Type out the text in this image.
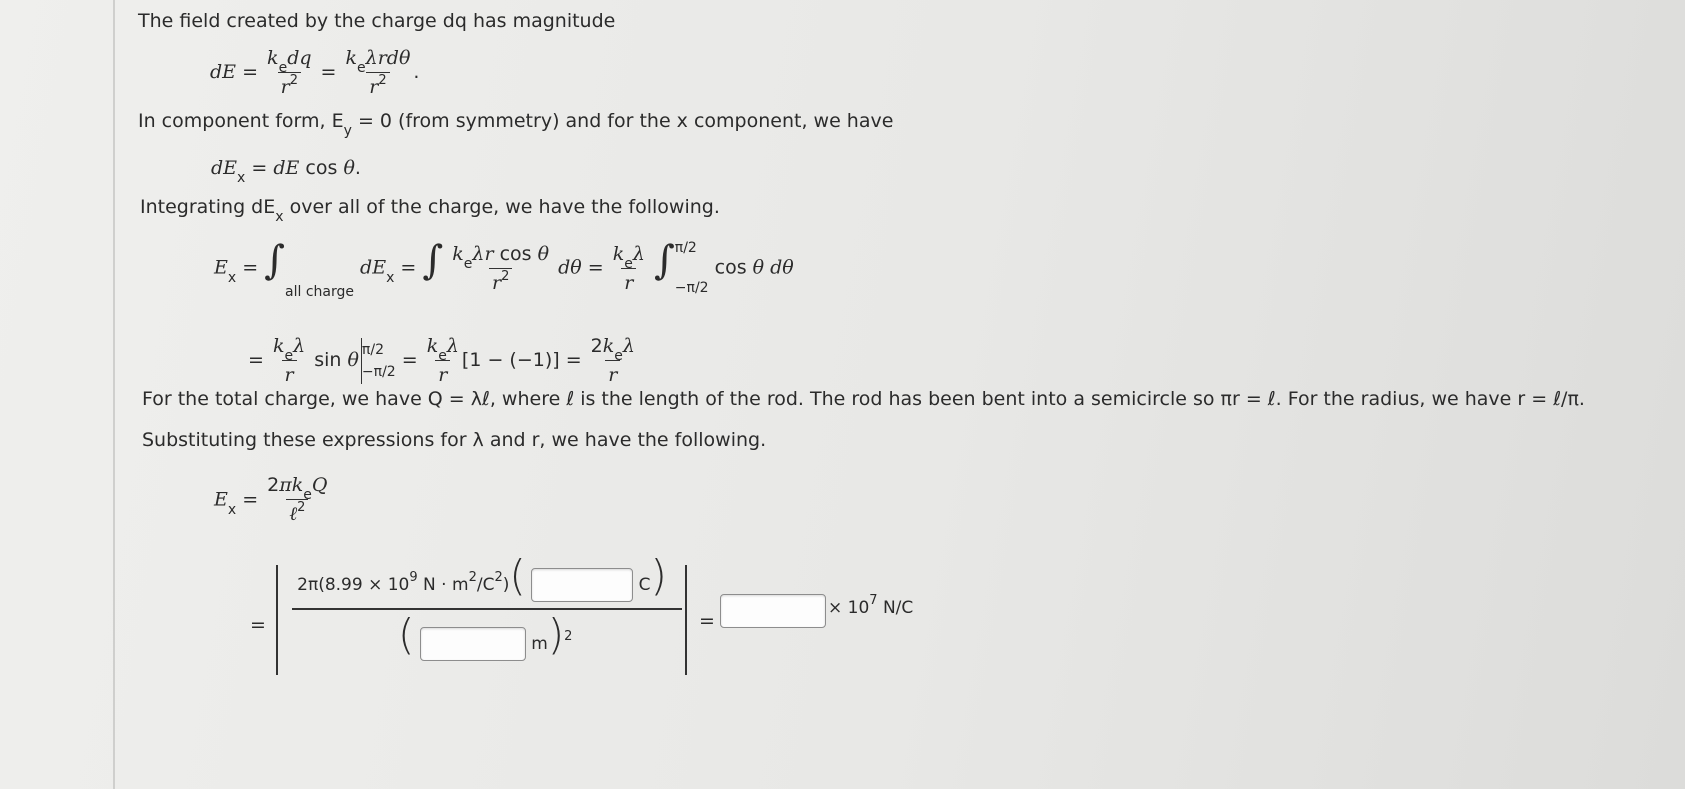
The field created by the charge dq has magnitude
dE = $\frac{k_edq}{r^2} = \frac{k_e\lambda rd\theta}{r^2}$ .
In component form, $E_y = 0$ (from symmetry) and for the x component, we have
$dE_x$ = dE cos θ.
Integrating $dE_x$ over all of the charge, we have the following.
$E_x = \int_{all charge}$ $dE_x$ = ∫ $\frac{k_e\lambda r \cos \theta}{r^2}$ $d\theta = \frac{k_e\lambda}{r}$ ∫ π/2
−π/2
cos θ dθ
= $\frac{k_e\lambda}{r}$ sin θ π/2
−π/2
= $\frac{k_e\lambda}{r} [1 - (-1)] = \frac{2k_e\lambda}{r}$
For the total charge, we have Q = λℓ, where ℓ is the length of the rod. The rod has been bent into a semicircle so πr = ℓ. For the radius, we have r = ℓ/π.
Substituting these expressions for λ and r, we have the following.
$E_x = \frac{2\pi k_eQ}{\ell^2}$
=
$2\pi(8.99 \times 10^9$ $N \cdot m^2/C^2$)(	C)
(	m)$^2$
=
× $10^7$ N/C
